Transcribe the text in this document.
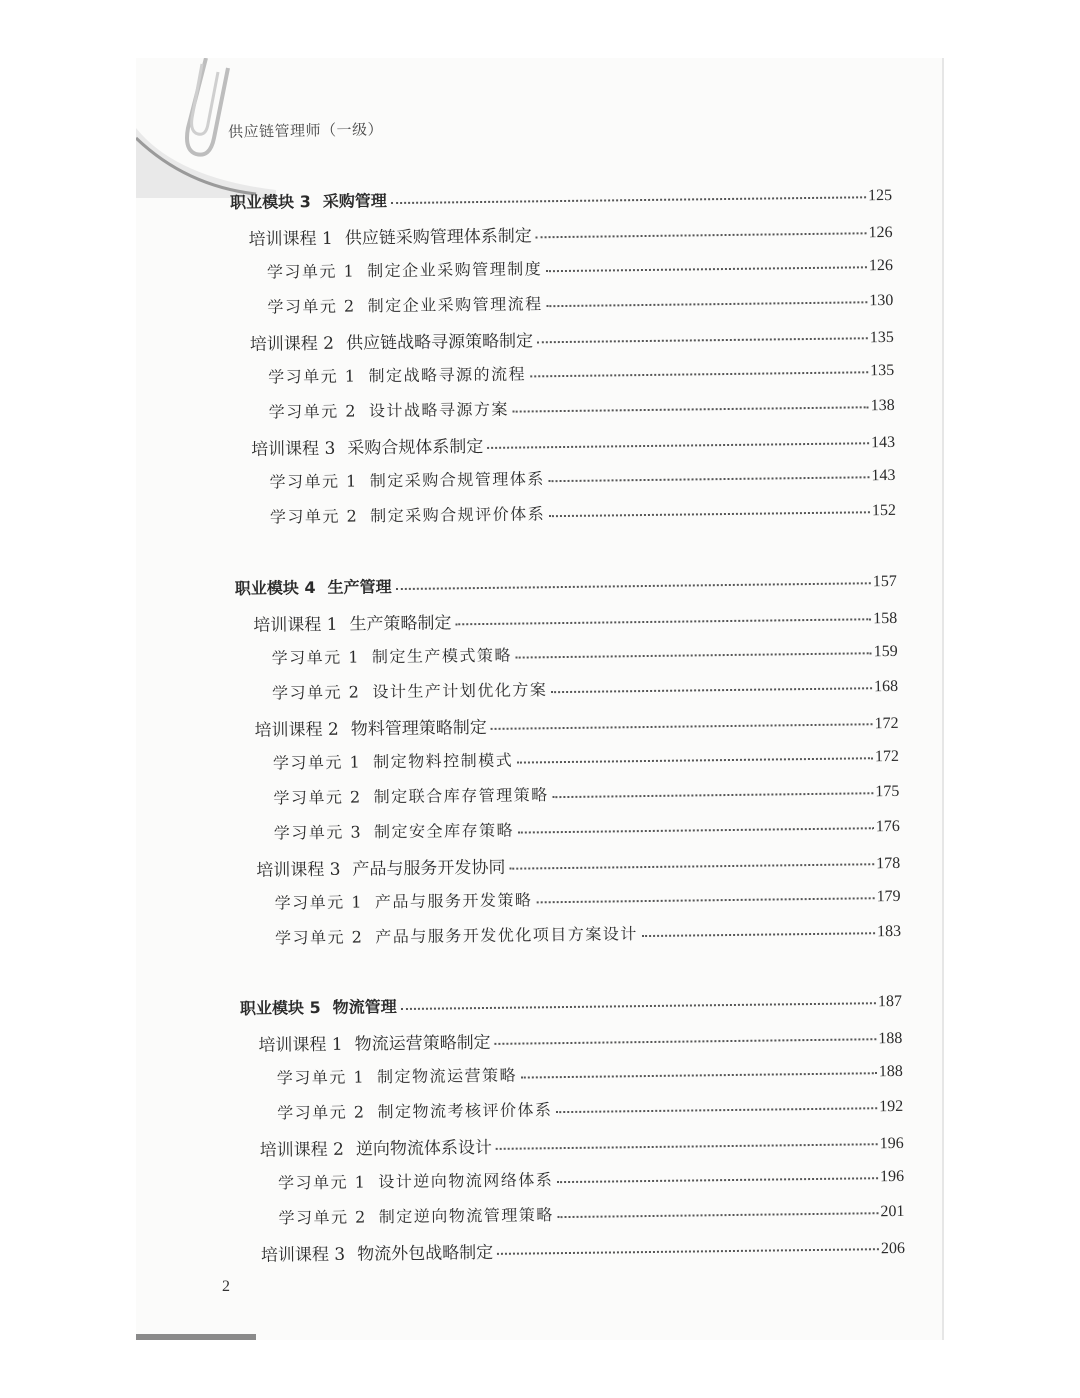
供应链管理师（一级）
职业模块 3 采购管理	125
培训课程 1 供应链采购管理体系制定	126
学习单元 1 制定企业采购管理制度	126
学习单元 2 制定企业采购管理流程	130
培训课程 2 供应链战略寻源策略制定	135
学习单元 1 制定战略寻源的流程	135
学习单元 2 设计战略寻源方案	138
培训课程 3 采购合规体系制定	143
学习单元 1 制定采购合规管理体系	143
学习单元 2 制定采购合规评价体系	152
职业模块 4 生产管理	157
培训课程 1 生产策略制定	158
学习单元 1 制定生产模式策略	159
学习单元 2 设计生产计划优化方案	168
培训课程 2 物料管理策略制定	172
学习单元 1 制定物料控制模式	172
学习单元 2 制定联合库存管理策略	175
学习单元 3 制定安全库存策略	176
培训课程 3 产品与服务开发协同	178
学习单元 1 产品与服务开发策略	179
学习单元 2 产品与服务开发优化项目方案设计	183
职业模块 5 物流管理	187
培训课程 1 物流运营策略制定	188
学习单元 1 制定物流运营策略	188
学习单元 2 制定物流考核评价体系	192
培训课程 2 逆向物流体系设计	196
学习单元 1 设计逆向物流网络体系	196
学习单元 2 制定逆向物流管理策略	201
培训课程 3 物流外包战略制定	206
2
